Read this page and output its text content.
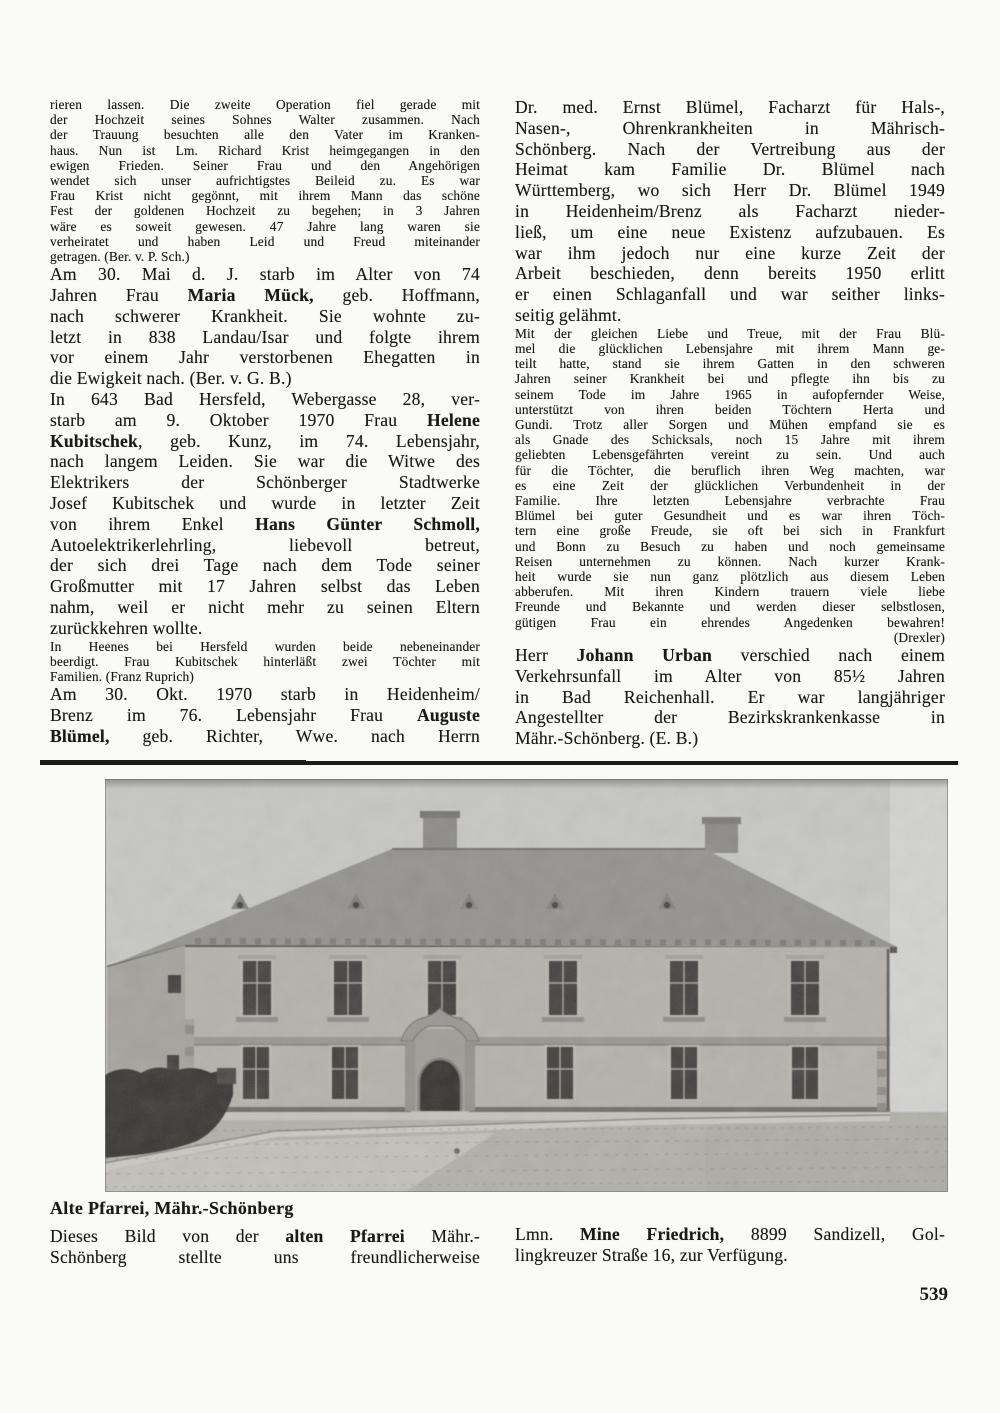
rieren lassen. Die zweite Operation fiel gerade mit
der Hochzeit seines Sohnes Walter zusammen. Nach
der Trauung besuchten alle den Vater im Kranken-
haus. Nun ist Lm. Richard Krist heimgegangen in den
ewigen Frieden. Seiner Frau und den Angehörigen
wendet sich unser aufrichtigstes Beileid zu. Es war
Frau Krist nicht gegönnt, mit ihrem Mann das schöne
Fest der goldenen Hochzeit zu begehen; in 3 Jahren
wäre es soweit gewesen. 47 Jahre lang waren sie
verheiratet und haben Leid und Freud miteinander
getragen. (Ber. v. P. Sch.)
Am 30. Mai d. J. starb im Alter von 74
Jahren Frau Maria Mück, geb. Hoffmann,
nach schwerer Krankheit. Sie wohnte zu-
letzt in 838 Landau/Isar und folgte ihrem
vor einem Jahr verstorbenen Ehegatten in
die Ewigkeit nach. (Ber. v. G. B.)
In 643 Bad Hersfeld, Webergasse 28, ver-
starb am 9. Oktober 1970 Frau Helene
Kubitschek, geb. Kunz, im 74. Lebensjahr,
nach langem Leiden. Sie war die Witwe des
Elektrikers der Schönberger Stadtwerke
Josef Kubitschek und wurde in letzter Zeit
von ihrem Enkel Hans Günter Schmoll,
Autoelektrikerlehrling, liebevoll betreut,
der sich drei Tage nach dem Tode seiner
Großmutter mit 17 Jahren selbst das Leben
nahm, weil er nicht mehr zu seinen Eltern
zurückkehren wollte.
In Heenes bei Hersfeld wurden beide nebeneinander
beerdigt. Frau Kubitschek hinterläßt zwei Töchter mit
Familien. (Franz Ruprich)
Am 30. Okt. 1970 starb in Heidenheim/
Brenz im 76. Lebensjahr Frau Auguste
Blümel, geb. Richter, Wwe. nach Herrn
Dr. med. Ernst Blümel, Facharzt für Hals-,
Nasen-, Ohrenkrankheiten in Mährisch-
Schönberg. Nach der Vertreibung aus der
Heimat kam Familie Dr. Blümel nach
Württemberg, wo sich Herr Dr. Blümel 1949
in Heidenheim/Brenz als Facharzt nieder-
ließ, um eine neue Existenz aufzubauen. Es
war ihm jedoch nur eine kurze Zeit der
Arbeit beschieden, denn bereits 1950 erlitt
er einen Schlaganfall und war seither links-
seitig gelähmt.
Mit der gleichen Liebe und Treue, mit der Frau Blü-
mel die glücklichen Lebensjahre mit ihrem Mann ge-
teilt hatte, stand sie ihrem Gatten in den schweren
Jahren seiner Krankheit bei und pflegte ihn bis zu
seinem Tode im Jahre 1965 in aufopfernder Weise,
unterstützt von ihren beiden Töchtern Herta und
Gundi. Trotz aller Sorgen und Mühen empfand sie es
als Gnade des Schicksals, noch 15 Jahre mit ihrem
geliebten Lebensgefährten vereint zu sein. Und auch
für die Töchter, die beruflich ihren Weg machten, war
es eine Zeit der glücklichen Verbundenheit in der
Familie. Ihre letzten Lebensjahre verbrachte Frau
Blümel bei guter Gesundheit und es war ihren Töch-
tern eine große Freude, sie oft bei sich in Frankfurt
und Bonn zu Besuch zu haben und noch gemeinsame
Reisen unternehmen zu können. Nach kurzer Krank-
heit wurde sie nun ganz plötzlich aus diesem Leben
abberufen. Mit ihren Kindern trauern viele liebe
Freunde und Bekannte und werden dieser selbstlosen,
gütigen Frau ein ehrendes Angedenken bewahren!
(Drexler)
Herr Johann Urban verschied nach einem
Verkehrsunfall im Alter von 85½ Jahren
in Bad Reichenhall. Er war langjähriger
Angestellter der Bezirkskrankenkasse in
Mähr.-Schönberg. (E. B.)
Alte Pfarrei, Mähr.-Schönberg
Dieses Bild von der alten Pfarrei Mähr.-
Schönberg stellte uns freundlicherweise
Lmn. Mine Friedrich, 8899 Sandizell, Gol-
lingkreuzer Straße 16, zur Verfügung.
539
